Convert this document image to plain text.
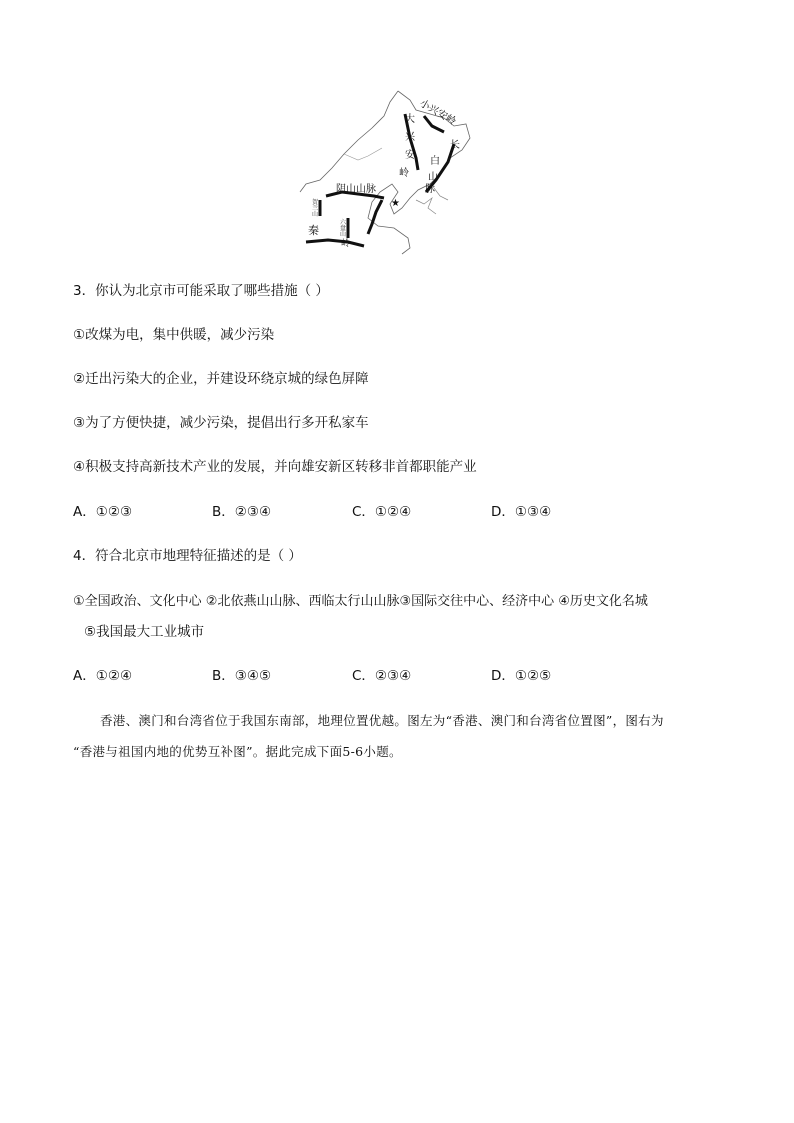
★
小兴安岭
大
兴
安
岭
长
白
山
脉
阴山山脉
秦
岭
贺
兰
山
六
盘
山
3．你认为北京市可能采取了哪些措施（ ）
①改煤为电，集中供暖，减少污染
②迁出污染大的企业，并建设环绕京城的绿色屏障
③为了方便快捷，减少污染，提倡出行多开私家车
④积极支持高新技术产业的发展，并向雄安新区转移非首都职能产业
A．①②③	B．②③④	C．①②④	D．①③④
4．符合北京市地理特征描述的是（ ）
①全国政治、文化中心 ②北依燕山山脉、西临太行山山脉③国际交往中心、经济中心 ④历史文化名城
⑤我国最大工业城市
A．①②④	B．③④⑤	C．②③④	D．①②⑤
香港、澳门和台湾省位于我国东南部，地理位置优越。图左为“香港、澳门和台湾省位置图”，图右为
“香港与祖国内地的优势互补图”。据此完成下面5-6小题。
